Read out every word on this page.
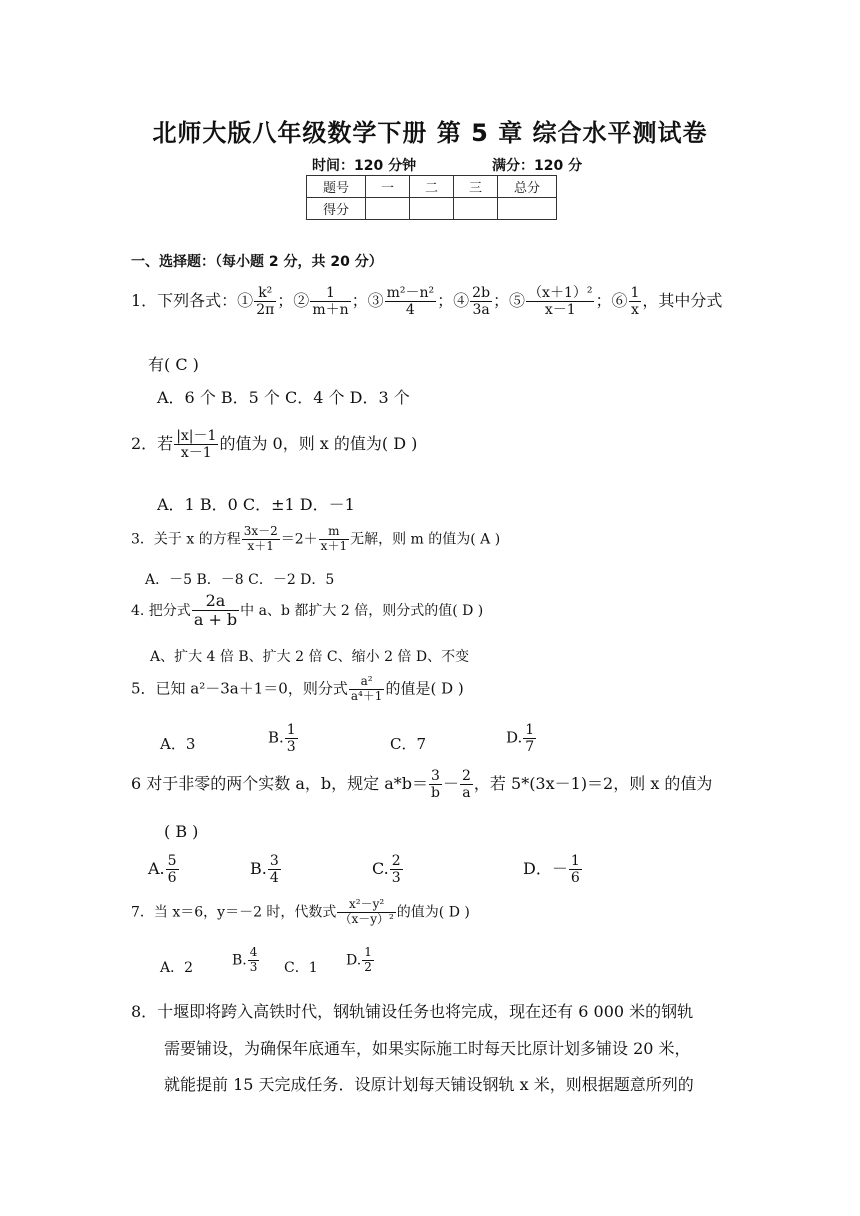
北师大版八年级数学下册 第 5 章 综合水平测试卷
时间：120 分钟	满分：120 分
题号	一	二	三	总分
得分				
一、选择题：（每小题 2 分，共 20 分）
1．下列各式：① $\frac{\text{k²}}{2\pi}$ ；② $\frac{1}{m+n}$ ；③ $\frac{\text{m²－n²}}{4}$ ；④ $\frac{2b}{3a}$ ；⑤ $\frac{\text{（x＋1）²}}{x-1}$ ；⑥ $\frac{1}{x}$ ，其中分式
有( C )
A．6 个 B．5 个 C．4 个 D．3 个
2．若 $\frac{|x|-1}{x-1}$ 的值为 0，则 x 的值为( D )
A．1 B．0 C．±1 D．－1
3．关于 x 的方程 $\frac{3x-2}{x+1} =2+ \frac{m}{x+1}$ 无解，则 m 的值为( A )
A．－5 B．－8 C．－2 D．5
4. 把分式 $\frac{2a}{a + b}$ 中 a、b 都扩大 2 倍，则分式的值( D )
A、扩大 4 倍 B、扩大 2 倍 C、缩小 2 倍 D、不变
5．已知 a²－3a＋1＝0，则分式 $\frac{\text{a²}}{\text{a⁴＋1}}$ 的值是( D )
A．3	B. $\frac{1}{3}$	C．7	D. $\frac{1}{7}$
6 对于非零的两个实数 a，b，规定 $a*b= \frac{3}{b} - \frac{2}{a}$ ，若 5*(3x－1)＝2，则 x 的值为
( B )
A. $\frac{5}{6}$	B. $\frac{3}{4}$	C. $\frac{2}{3}$	D．－ $\frac{1}{6}$
7．当 x＝6，y＝－2 时，代数式 $\frac{\text{x²－y²}}{\text{（x－y）²}}$ 的值为( D )
A．2	B. $\frac{4}{3}$ C．1 D. $\frac{1}{2}$
8．十堰即将跨入高铁时代，钢轨铺设任务也将完成，现在还有 6 000 米的钢轨
需要铺设，为确保年底通车，如果实际施工时每天比原计划多铺设 20 米，
就能提前 15 天完成任务．设原计划每天铺设钢轨 x 米，则根据题意所列的
